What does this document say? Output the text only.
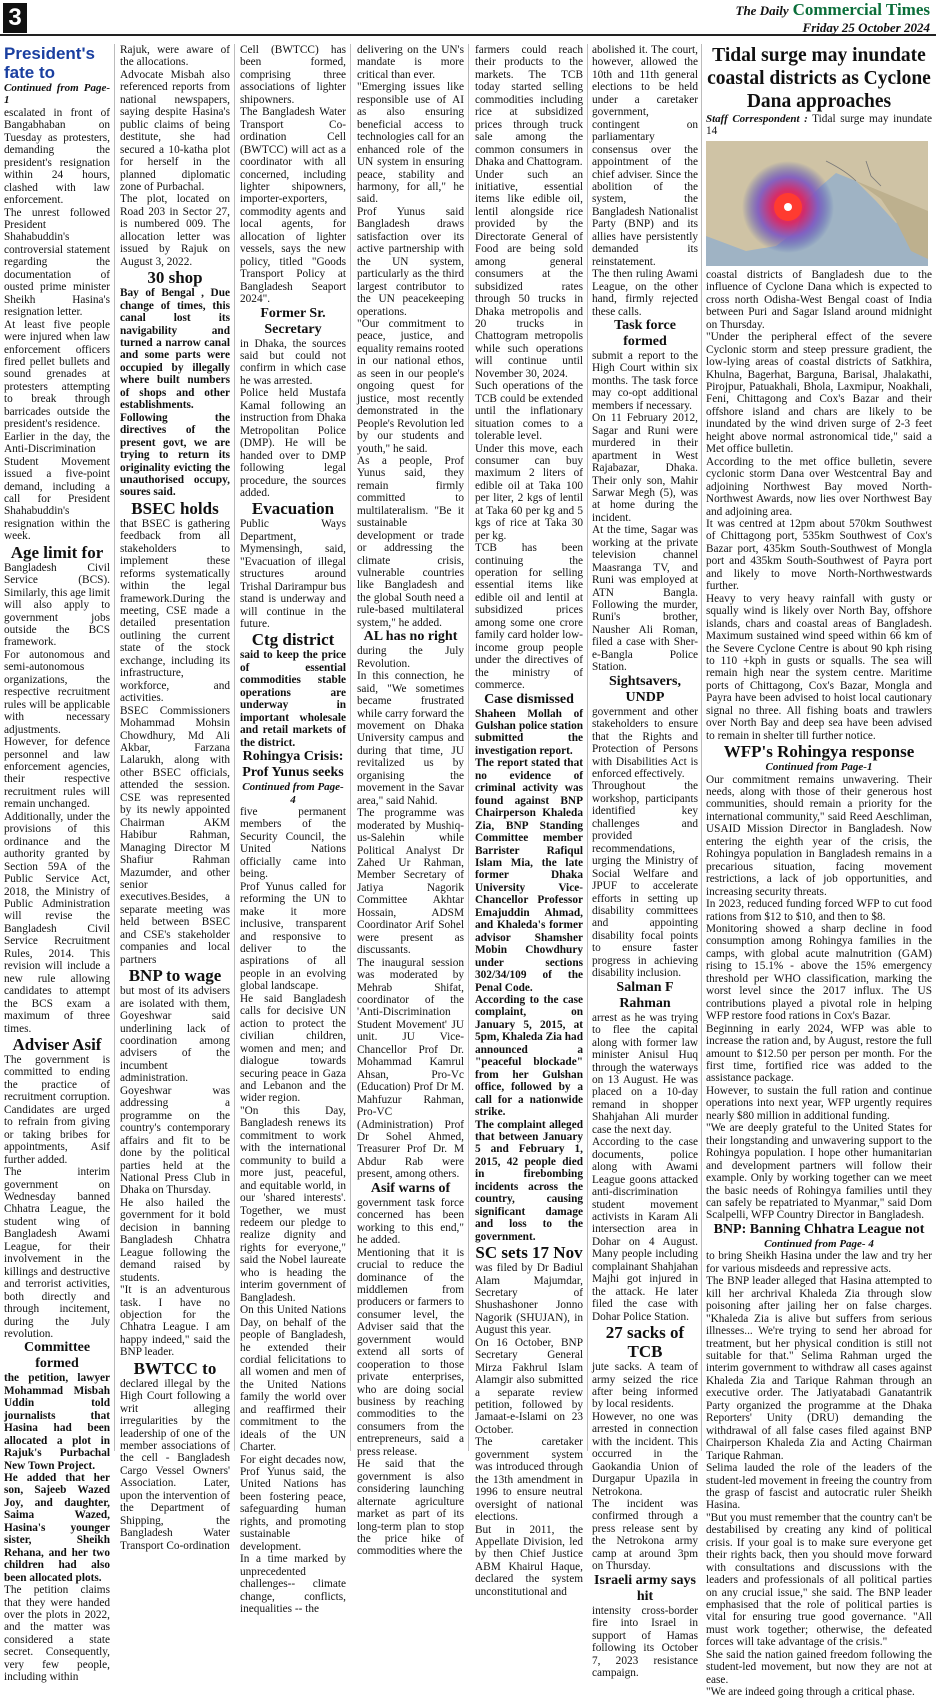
3	The Daily Commercial Times
Friday 25 October 2024

President's fate to

Continued from Page-1

escalated in front of Bangabhaban on Tuesday as protesters, demanding the president's resignation within 24 hours, clashed with law enforcement.

The unrest followed President Shahabuddin's controversial statement regarding the documentation of ousted prime minister Sheikh Hasina's resignation letter.

At least five people were injured when law enforcement officers fired pellet bullets and sound grenades at protesters attempting to break through barricades outside the president's residence.

Earlier in the day, the Anti-Discrimination Student Movement issued a five-point demand, including a call for President Shahabuddin's resignation within the week.

Age limit for

Bangladesh Civil Service (BCS). Similarly, this age limit will also apply to government jobs outside the BCS framework.

For autonomous and semi-autonomous organizations, the respective recruitment rules will be applicable with necessary adjustments.

However, for defence personnel and law enforcement agencies, their respective recruitment rules will remain unchanged.

Additionally, under the provisions of this ordinance and the authority granted by Section 59A of the Public Service Act, 2018, the Ministry of Public Administration will revise the Bangladesh Civil Service Recruitment Rules, 2014. This revision will include a new rule allowing candidates to attempt the BCS exam a maximum of three times.

Adviser Asif

The government is committed to ending the practice of recruitment corruption. Candidates are urged to refrain from giving or taking bribes for appointments, Asif further added.

The interim government on Wednesday banned Chhatra League, the student wing of Bangladesh Awami League, for their involvement in the killings and destructive and terrorist activities, both directly and through incitement, during the July revolution.

Committee formed

the petition, lawyer Mohammad Misbah Uddin told journalists that Hasina had been allocated a plot in Rajuk's Purbachal New Town Project.

He added that her son, Sajeeb Wazed Joy, and daughter, Saima Wazed, Hasina's younger sister, Sheikh Rehana, and her two children had also been allocated plots.

The petition claims that they were handed over the plots in 2022, and the matter was considered a state secret. Consequently, very few people, including within

Rajuk, were aware of the allocations.

Advocate Misbah also referenced reports from national newspapers, saying despite Hasina's public claims of being destitute, she had secured a 10-katha plot for herself in the planned diplomatic zone of Purbachal.

The plot, located on Road 203 in Sector 27, is numbered 009. The allocation letter was issued by Rajuk on August 3, 2022.

30 shop

Bay of Bengal , Due change of times, this canal lost its navigability and turned a narrow canal and some parts were occupied by illegally where built numbers of shops and other establishments. Following the directives of the present govt, we are trying to return its originality evicting the unauthorised occupy, soures said.

BSEC holds

that BSEC is gathering feedback from all stakeholders to implement these reforms systematically within the legal framework.During the meeting, CSE made a detailed presentation outlining the current state of the stock exchange, including its infrastructure, workforce, and activities.

BSEC Commissioners Mohammad Mohsin Chowdhury, Md Ali Akbar, Farzana Lalarukh, along with other BSEC officials, attended the session. CSE was represented by its newly appointed Chairman AKM Habibur Rahman, Managing Director M Shafiur Rahman Mazumder, and other senior executives.Besides, a separate meeting was held between BSEC and CSE's stakeholder companies and local partners

BNP to wage

but most of its advisers are isolated with them, Goyeshwar said underlining lack of coordination among advisers of the incumbent administration.

Goyeshwar was addressing a programme on the country's contemporary affairs and fit to be done by the political parties held at the National Press Club in Dhaka on Thursday.

He also hailed the government for it bold decision in banning Bangladesh Chhatra League following the demand raised by students.

"It is an adventurous task. I have no objection for the Chhatra League. I am happy indeed," said the BNP leader.

BWTCC to

declared illegal by the High Court following a writ alleging irregularities by the leadership of one of the member associations of the cell - Bangladesh Cargo Vessel Owners' Association. Later, upon the intervention of the Department of Shipping, the Bangladesh Water Transport Co-ordination

Cell (BWTCC) has been formed, comprising three associations of lighter shipowners.

The Bangladesh Water Transport Co-ordination Cell (BWTCC) will act as a coordinator with all concerned, including lighter shipowners, importer-exporters, commodity agents and local agents, for allocation of lighter vessels, says the new policy, titled "Goods Transport Policy at Bangladesh Seaport 2024".

Former Sr. Secretary

in Dhaka, the sources said but could not confirm in which case he was arrested.

Police held Mustafa Kamal following an instruction from Dhaka Metropolitan Police (DMP). He will be handed over to DMP following legal procedure, the sources added.

Evacuation

Public Ways Department, Mymensingh, said, "Evacuation of illegal structures around Trishal Darirampur bus stand is underway and will continue in the future.

Ctg district

said to keep the price of essential commodities stable operations are underway in important wholesale and retail markets of the district.

Rohingya Crisis:

Prof Yunus seeks

Continued from Page- 4

five permanent members of the Security Council, the United Nations officially came into being.

Prof Yunus called for reforming the UN to make it more inclusive, transparent and responsive to deliver to the aspirations of all people in an evolving global landscape.

He said Bangladesh calls for decisive UN action to protect the civilian children, women and men; and dialogue towards securing peace in Gaza and Lebanon and the wider region.

"On this Day, Bangladesh renews its commitment to work with the international community to build a more just, peaceful, and equitable world, in our 'shared interests'. Together, we must redeem our pledge to realize dignity and rights for everyone," said the Nobel laureate who is heading the interim government of Bangladesh.

On this United Nations Day, on behalf of the people of Bangladesh, he extended their cordial felicitations to all women and men of the United Nations family the world over and reaffirmed their commitment to the ideals of the UN Charter.

For eight decades now, Prof Yunus said, the United Nations has been fostering peace, safeguarding human rights, and promoting sustainable development.

In a time marked by unprecedented challenges-- climate change, conflicts, inequalities -- the

delivering on the UN's mandate is more critical than ever.

"Emerging issues like responsible use of AI as also ensuring beneficial access to technologies call for an enhanced role of the UN system in ensuring peace, stability and harmony, for all," he said.

Prof Yunus said Bangladesh draws satisfaction over its active partnership with the UN system, particularly as the third largest contributor to the UN peacekeeping operations.

"Our commitment to peace, justice, and equality remains rooted in our national ethos, as seen in our people's ongoing quest for justice, most recently demonstrated in the People's Revolution led by our students and youth," he said.

As a people, Prof Yunus said, they remain firmly committed to multilateralism. "Be it sustainable development or trade or addressing the climate crisis, vulnerable countries like Bangladesh and the global South need a rule-based multilateral system," he added.

AL has no right

during the July Revolution.

In this connection, he said, "We sometimes became frustrated while carry forward the movement on Dhaka University campus and during that time, JU revitalized us by organising the movement in the Savar area," said Nahid.

The programme was moderated by Mushiq-us-Salehin while Political Analyst Dr Zahed Ur Rahman, Member Secretary of Jatiya Nagorik Committee Akhtar Hossain, ADSM Coordinator Arif Sohel were present as discussants.

The inaugural session was moderated by Mehrab Shifat, coordinator of the 'Anti-Discrimination Student Movement' JU unit. JU Vice-Chancellor Prof Dr. Mohammad Kamrul Ahsan, Pro-Vc (Education) Prof Dr M. Mahfuzur Rahman, Pro-VC (Administration) Prof Dr Sohel Ahmed, Treasurer Prof Dr. M Abdur Rab were present, among others.

Asif warns of

government task force concerned has been working to this end," he added.

Mentioning that it is crucial to reduce the dominance of the middlemen from producers or farmers to consumer level, the Adviser said that the government would extend all sorts of cooperation to those private enterprises, who are doing social business by reaching commodities to the consumers from the entrepreneurs, said a press release.

He said that the government is also considering launching alternate agriculture market as part of its long-term plan to stop the price hike of commodities where the

farmers could reach their products to the markets. The TCB today started selling commodities including rice at subsidized prices through truck sale among the common consumers in Dhaka and Chattogram.

Under such an initiative, essential items like edible oil, lentil alongside rice provided by the Directorate General of Food are being sold among general consumers at the subsidized rates through 50 trucks in Dhaka metropolis and 20 trucks in Chattogram metropolis while such operations will continue until November 30, 2024.

Such operations of the TCB could be extended until the inflationary situation comes to a tolerable level.

Under this move, each consumer can buy maximum 2 liters of edible oil at Taka 100 per liter, 2 kgs of lentil at Taka 60 per kg and 5 kgs of rice at Taka 30 per kg.

TCB has been continuing the operation for selling essential items like edible oil and lentil at subsidized prices among some one crore family card holder low-income group people under the directives of the ministry of commerce.

Case dismissed

Shaheen Mollah of Gulshan police station submitted the investigation report.

The report stated that no evidence of criminal activity was found against BNP Chairperson Khaleda Zia, BNP Standing Committee member Barrister Rafiqul Islam Mia, the late former Dhaka University Vice-Chancellor Professor Emajuddin Ahmad, and Khaleda's former advisor Shamsher Mobin Chowdhury under sections 302/34/109 of the Penal Code.

According to the case complaint, on January 5, 2015, at 5pm, Khaleda Zia had announced a "peaceful blockade" from her Gulshan office, followed by a call for a nationwide strike.

The complaint alleged that between January 5 and February 1, 2015, 42 people died in firebombing incidents across the country, causing significant damage and loss to the government.

SC sets 17 Nov

was filed by Dr Badiul Alam Majumdar, Secretary of Shushashoner Jonno Nagorik (SHUJAN), in August this year.

On 16 October, BNP Secretary General Mirza Fakhrul Islam Alamgir also submitted a separate review petition, followed by Jamaat-e-Islami on 23 October.

The caretaker government system was introduced through the 13th amendment in 1996 to ensure neutral oversight of national elections.

But in 2011, the Appellate Division, led by then Chief Justice ABM Khairul Haque, declared the system unconstitutional and

abolished it. The court, however, allowed the 10th and 11th general elections to be held under a caretaker government, contingent on parliamentary consensus over the appointment of the chief adviser. Since the abolition of the system, the Bangladesh Nationalist Party (BNP) and its allies have persistently demanded its reinstatement.

The then ruling Awami League, on the other hand, firmly rejected these calls.

Task force formed

submit a report to the High Court within six months. The task force may co-opt additional members if necessary.

On 11 February 2012, Sagar and Runi were murdered in their apartment in West Rajabazar, Dhaka. Their only son, Mahir Sarwar Megh (5), was at home during the incident.

At the time, Sagar was working at the private television channel Maasranga TV, and Runi was employed at ATN Bangla. Following the murder, Runi's brother, Nausher Ali Roman, filed a case with Sher-e-Bangla Police Station.

Sightsavers, UNDP

government and other stakeholders to ensure that the Rights and Protection of Persons with Disabilities Act is enforced effectively.

Throughout the workshop, participants identified key challenges and provided recommendations, urging the Ministry of Social Welfare and JPUF to accelerate efforts in setting up disability committees and appointing disability focal points to ensure faster progress in achieving disability inclusion.

Salman F Rahman

arrest as he was trying to flee the capital along with former law minister Anisul Huq through the waterways on 13 August. He was placed on a 10-day remand in shopper Shahjahan Ali murder case the next day.

According to the case documents, police along with Awami League goons attacked anti-discrimination student movement activists in Karam Ali intersection area in Dohar on 4 August. Many people including complainant Shahjahan Majhi got injured in the attack. He later filed the case with Dohar Police Station.

27 sacks of TCB

jute sacks. A team of army seized the rice after being informed by local residents.

However, no one was arrested in connection with the incident. This occurred in the Gaokandia Union of Durgapur Upazila in Netrokona.

The incident was confirmed through a press release sent by the Netrokona army camp at around 3pm on Thursday.

Israeli army says hit

intensity cross-border fire into Israel in support of Hamas following its October 7, 2023 resistance campaign.

Tidal surge may inundate coastal districts as Cyclone Dana approaches

Staff Correspondent : Tidal surge may inundate 14

coastal districts of Bangladesh due to the influence of Cyclone Dana which is expected to cross north Odisha-West Bengal coast of India between Puri and Sagar Island around midnight on Thursday.

"Under the peripheral effect of the severe Cyclonic storm and steep pressure gradient, the low-lying areas of coastal districts of Satkhira, Khulna, Bagerhat, Barguna, Barisal, Jhalakathi, Pirojpur, Patuakhali, Bhola, Laxmipur, Noakhali, Feni, Chittagong and Cox's Bazar and their offshore island and chars are likely to be inundated by the wind driven surge of 2-3 feet height above normal astronomical tide," said a Met office bulletin.

According to the met office bulletin, severe cyclonic storm Dana over Westcentral Bay and adjoining Northwest Bay moved North-Northwest Awards, now lies over Northwest Bay and adjoining area.

It was centred at 12pm about 570km Southwest of Chittagong port, 535km Southwest of Cox's Bazar port, 435km South-Southwest of Mongla port and 435km South-Southwest of Payra port and likely to move North-Northwestwards further.

Heavy to very heavy rainfall with gusty or squally wind is likely over North Bay, offshore islands, chars and coastal areas of Bangladesh. Maximum sustained wind speed within 66 km of the Severe Cyclone Centre is about 90 kph rising to 110 +kph in gusts or squalls. The sea will remain high near the system centre. Maritime ports of Chittagong, Cox's Bazar, Mongla and Payra have been advised to hoist local cautionary signal no three. All fishing boats and trawlers over North Bay and deep sea have been advised to remain in shelter till further notice.

WFP's Rohingya response

Continued from Page-1

Our commitment remains unwavering. Their needs, along with those of their generous host communities, should remain a priority for the international community," said Reed Aeschliman, USAID Mission Director in Bangladesh. Now entering the eighth year of the crisis, the Rohingya population in Bangladesh remains in a precarious situation, facing movement restrictions, a lack of job opportunities, and increasing security threats.

In 2023, reduced funding forced WFP to cut food rations from $12 to $10, and then to $8.

Monitoring showed a sharp decline in food consumption among Rohingya families in the camps, with global acute malnutrition (GAM) rising to 15.1% - above the 15% emergency threshold per WHO classification, marking the worst level since the 2017 influx. The US contributions played a pivotal role in helping WFP restore food rations in Cox's Bazar.

Beginning in early 2024, WFP was able to increase the ration and, by August, restore the full amount to $12.50 per person per month. For the first time, fortified rice was added to the assistance package.

However, to sustain the full ration and continue operations into next year, WFP urgently requires nearly $80 million in additional funding.

"We are deeply grateful to the United States for their longstanding and unwavering support to the Rohingya population. I hope other humanitarian and development partners will follow their example. Only by working together can we meet the basic needs of Rohingya families until they can safely be repatriated to Myanmar," said Dom Scalpelli, WFP Country Director in Bangladesh.

BNP: Banning Chhatra League not

Continued from Page- 4

to bring Sheikh Hasina under the law and try her for various misdeeds and repressive acts.

The BNP leader alleged that Hasina attempted to kill her archrival Khaleda Zia through slow poisoning after jailing her on false charges. "Khaleda Zia is alive but suffers from serious illnesses... We're trying to send her abroad for treatment, but her physical condition is still not suitable for that." Selima Rahman urged the interim government to withdraw all cases against Khaleda Zia and Tarique Rahman through an executive order. The Jatiyatabadi Ganatantrik Party organized the programme at the Dhaka Reporters' Unity (DRU) demanding the withdrawal of all false cases filed against BNP Chairperson Khaleda Zia and Acting Chairman Tarique Rahman.

Selima lauded the role of the leaders of the student-led movement in freeing the country from the grasp of fascist and autocratic ruler Sheikh Hasina.

"But you must remember that the country can't be destabilised by creating any kind of political crisis. If your goal is to make sure everyone get their rights back, then you should move forward with consultations and discussions with the leaders and professionals of all political parties on any crucial issue," she said. The BNP leader emphasised that the role of political parties is vital for ensuring true good governance. "All must work together; otherwise, the defeated forces will take advantage of the crisis."

She said the nation gained freedom following the student-led movement, but now they are not at ease.

"We are indeed going through a critical phase.
